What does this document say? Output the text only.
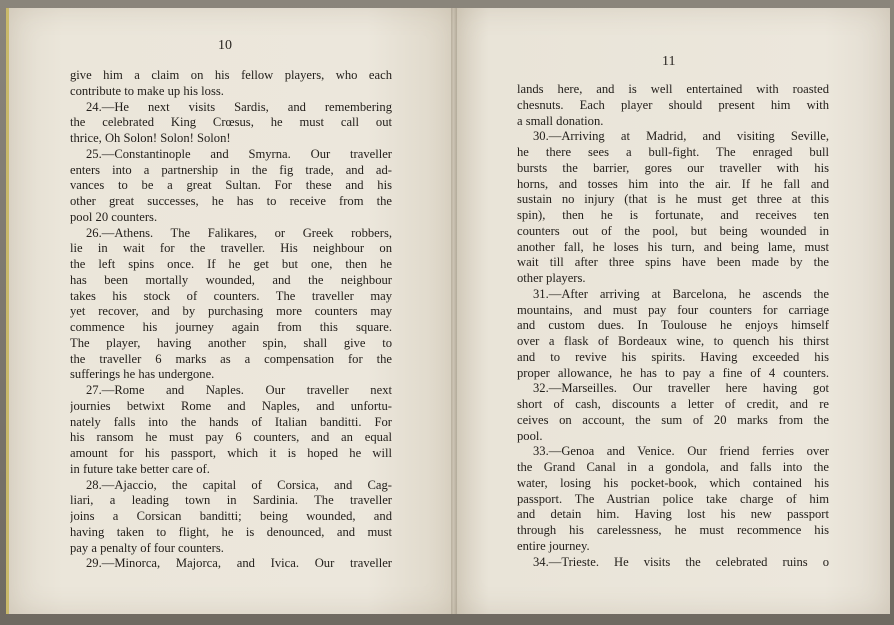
10
11

give him a claim on his fellow players, who each

contribute to make up his loss.

24.—He next visits Sardis, and remembering

the celebrated King Crœsus, he must call out

thrice, Oh Solon! Solon! Solon!

25.—Constantinople and Smyrna. Our traveller

enters into a partnership in the fig trade, and ad-

vances to be a great Sultan. For these and his

other great successes, he has to receive from the

pool 20 counters.

26.—Athens. The Falikares, or Greek robbers,

lie in wait for the traveller. His neighbour on

the left spins once. If he get but one, then he

has been mortally wounded, and the neighbour

takes his stock of counters. The traveller may

yet recover, and by purchasing more counters may

commence his journey again from this square.

The player, having another spin, shall give to

the traveller 6 marks as a compensation for the

sufferings he has undergone.

27.—Rome and Naples. Our traveller next

journies betwixt Rome and Naples, and unfortu-

nately falls into the hands of Italian banditti. For

his ransom he must pay 6 counters, and an equal

amount for his passport, which it is hoped he will

in future take better care of.

28.—Ajaccio, the capital of Corsica, and Cag-

liari, a leading town in Sardinia. The traveller

joins a Corsican banditti; being wounded, and

having taken to flight, he is denounced, and must

pay a penalty of four counters.

29.—Minorca, Majorca, and Ivica. Our traveller

lands here, and is well entertained with roasted

chesnuts. Each player should present him with

a small donation.

30.—Arriving at Madrid, and visiting Seville,

he there sees a bull-fight. The enraged bull

bursts the barrier, gores our traveller with his

horns, and tosses him into the air. If he fall and

sustain no injury (that is he must get three at this

spin), then he is fortunate, and receives ten

counters out of the pool, but being wounded in

another fall, he loses his turn, and being lame, must

wait till after three spins have been made by the

other players.

31.—After arriving at Barcelona, he ascends the

mountains, and must pay four counters for carriage

and custom dues. In Toulouse he enjoys himself

over a flask of Bordeaux wine, to quench his thirst

and to revive his spirits. Having exceeded his

proper allowance, he has to pay a fine of 4 counters.

32.—Marseilles. Our traveller here having got

short of cash, discounts a letter of credit, and re

ceives on account, the sum of 20 marks from the

pool.

33.—Genoa and Venice. Our friend ferries over

the Grand Canal in a gondola, and falls into the

water, losing his pocket-book, which contained his

passport. The Austrian police take charge of him

and detain him. Having lost his new passport

through his carelessness, he must recommence his

entire journey.

34.—Trieste. He visits the celebrated ruins o
